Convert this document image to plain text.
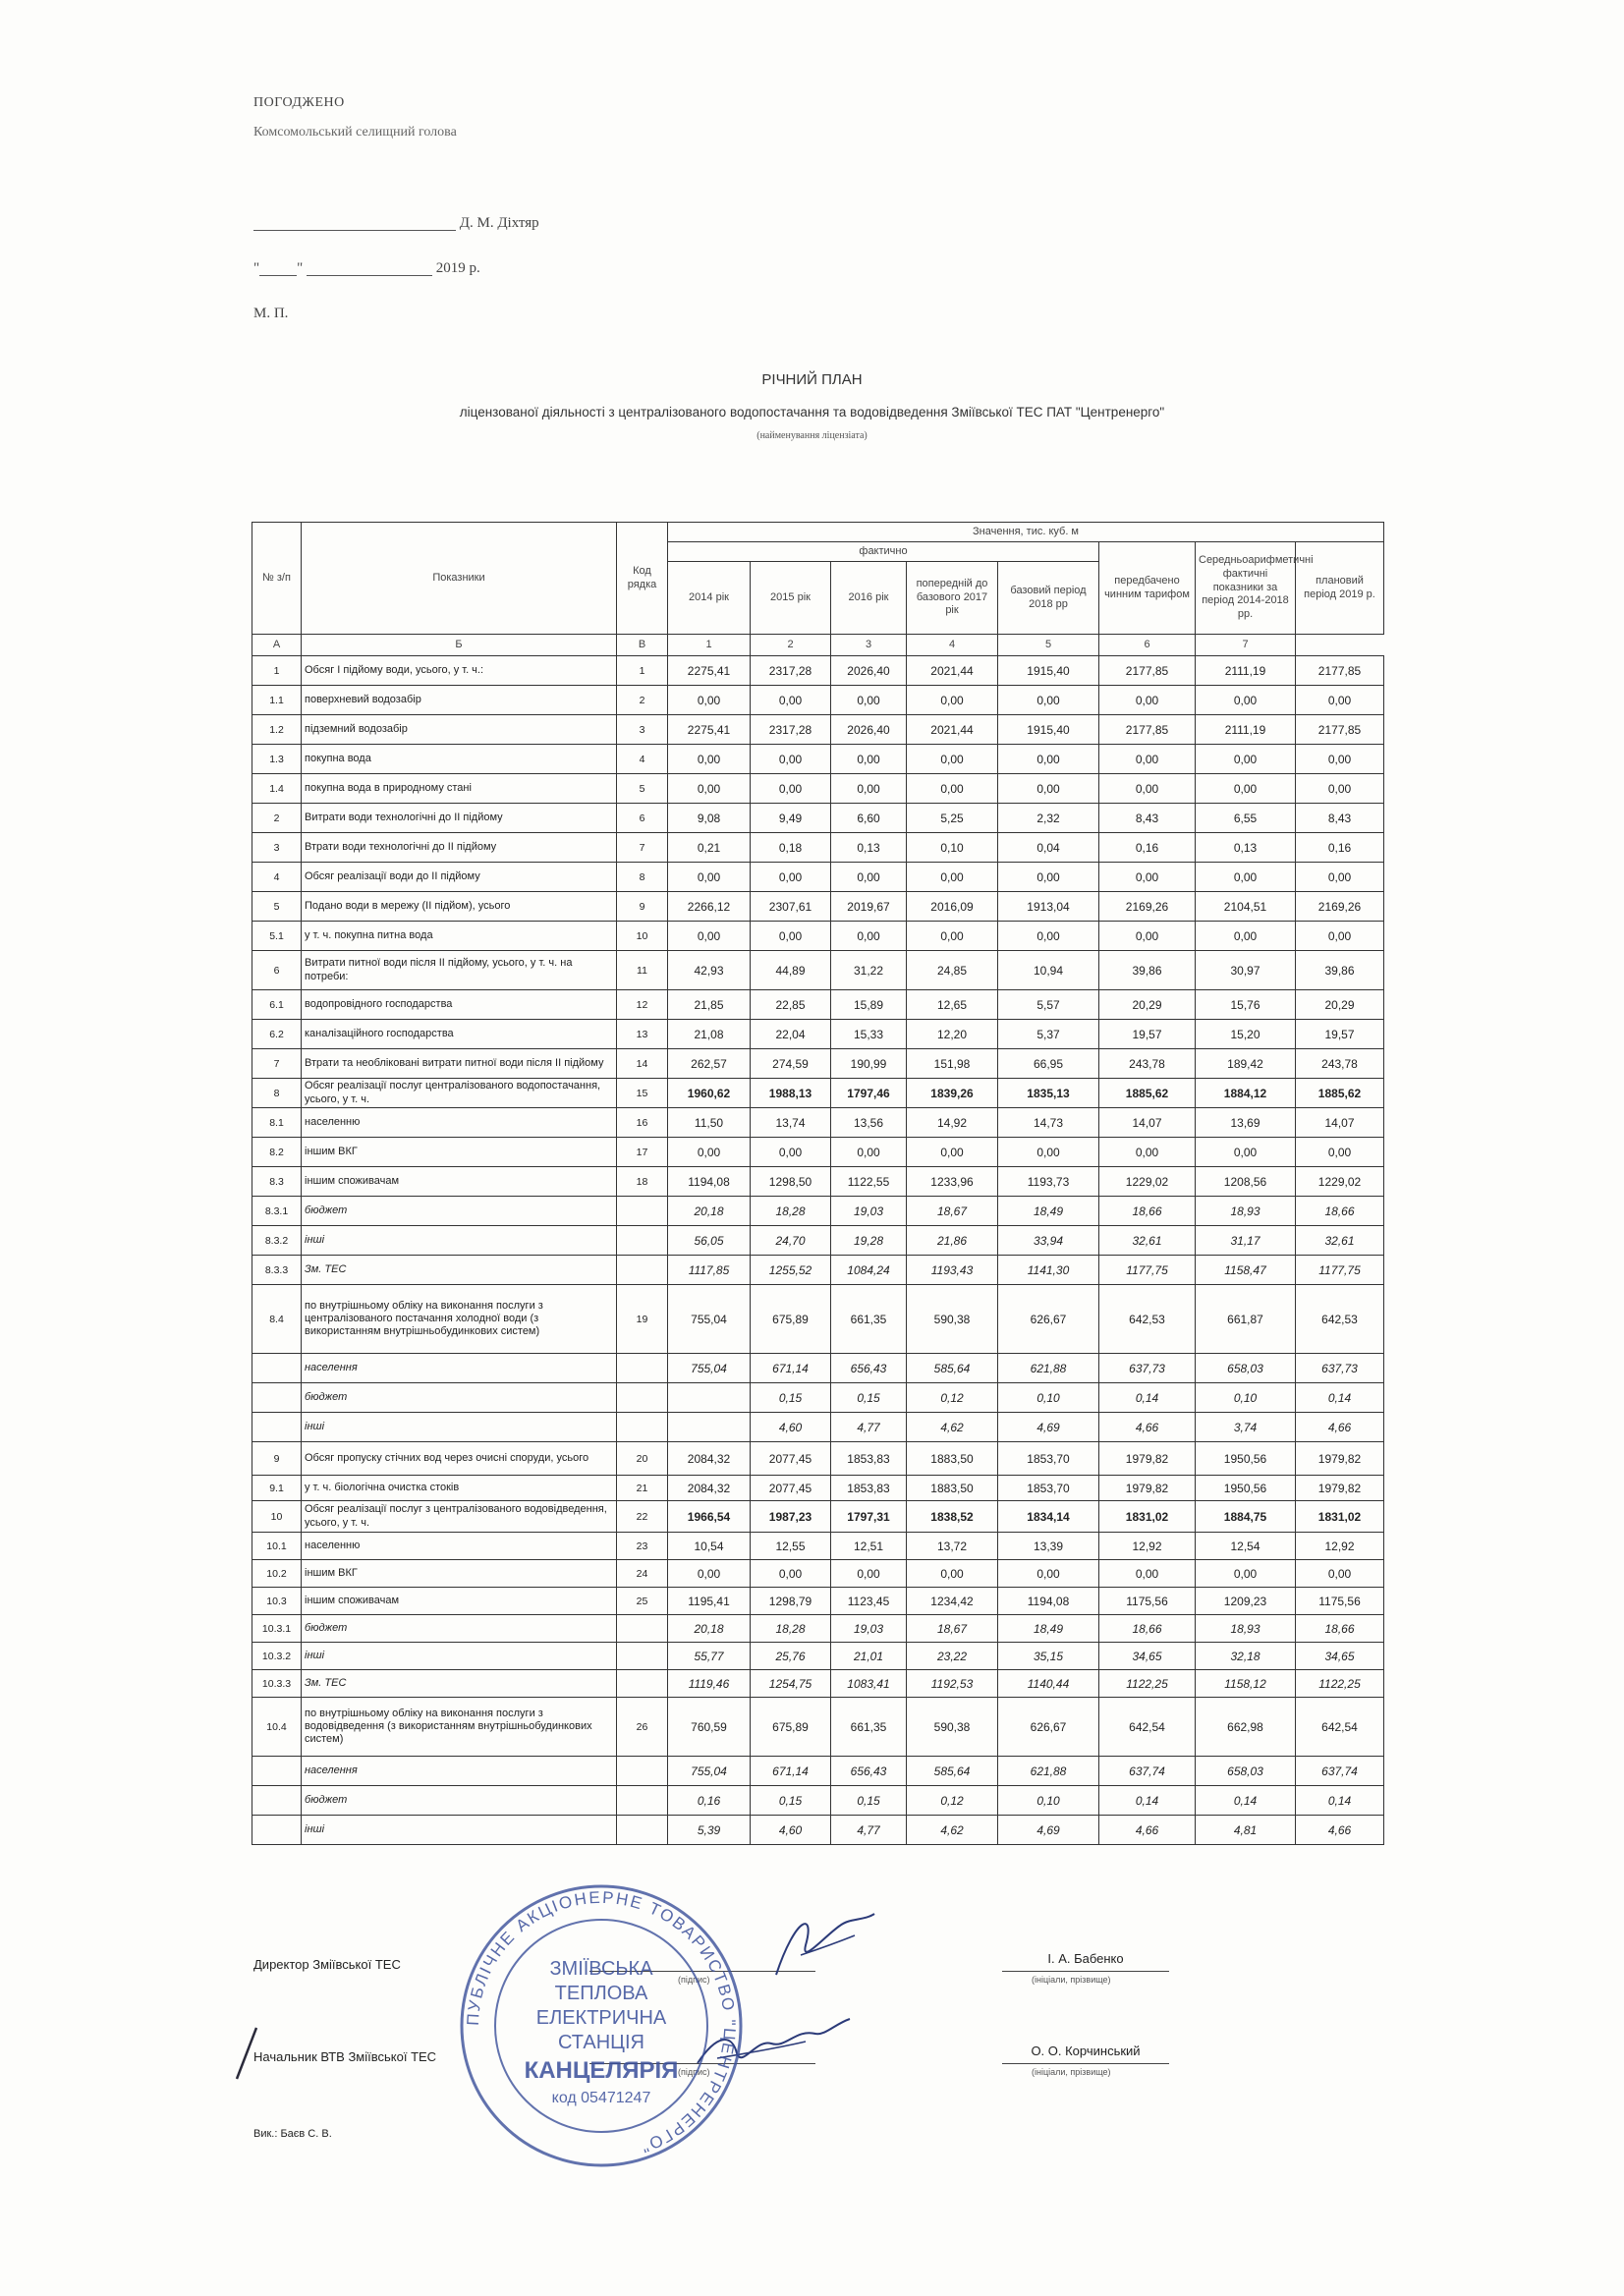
ПОГОДЖЕНО
Комсомольський селищний голова
Д. М. Діхтяр
"	"	2019 р.
М. П.
РІЧНИЙ ПЛАН
ліцензованої діяльності з централізованого водопостачання та водовідведення Зміївської ТЕС ПАТ "Центренерго"
(найменування ліцензіата)
№ з/п	Показники	Код рядка	Значення, тис. куб. м							
			фактично					передбачено чинним тарифом	Середньоарифметичні фактичні показники за період 2014-2018 рр.	плановий період 2019 р.
			2014 рік	2015 рік	2016 рік	попередній до базового 2017 рік	базовий період 2018 рр			
А	Б	В	1	2	3	4	5	6	7	
1	Обсяг I підйому води, усього, у т. ч.:	1	2275,41	2317,28	2026,40	2021,44	1915,40	2177,85	2111,19	2177,85
1.1	поверхневий водозабір	2	0,00	0,00	0,00	0,00	0,00	0,00	0,00	0,00
1.2	підземний водозабір	3	2275,41	2317,28	2026,40	2021,44	1915,40	2177,85	2111,19	2177,85
1.3	покупна вода	4	0,00	0,00	0,00	0,00	0,00	0,00	0,00	0,00
1.4	покупна вода в природному стані	5	0,00	0,00	0,00	0,00	0,00	0,00	0,00	0,00
2	Витрати води технологічні до II підйому	6	9,08	9,49	6,60	5,25	2,32	8,43	6,55	8,43
3	Втрати води технологічні до II підйому	7	0,21	0,18	0,13	0,10	0,04	0,16	0,13	0,16
4	Обсяг реалізації води до II підйому	8	0,00	0,00	0,00	0,00	0,00	0,00	0,00	0,00
5	Подано води в мережу (II підйом), усього	9	2266,12	2307,61	2019,67	2016,09	1913,04	2169,26	2104,51	2169,26
5.1	у т. ч. покупна питна вода	10	0,00	0,00	0,00	0,00	0,00	0,00	0,00	0,00
6	Витрати питної води після II підйому, усього, у т. ч. на потреби:	11	42,93	44,89	31,22	24,85	10,94	39,86	30,97	39,86
6.1	водопровідного господарства	12	21,85	22,85	15,89	12,65	5,57	20,29	15,76	20,29
6.2	каналізаційного господарства	13	21,08	22,04	15,33	12,20	5,37	19,57	15,20	19,57
7	Втрати та необліковані витрати питної води після II підйому	14	262,57	274,59	190,99	151,98	66,95	243,78	189,42	243,78
8	Обсяг реалізації послуг централізованого водопостачання, усього, у т. ч.	15	1960,62	1988,13	1797,46	1839,26	1835,13	1885,62	1884,12	1885,62
8.1	населенню	16	11,50	13,74	13,56	14,92	14,73	14,07	13,69	14,07
8.2	іншим ВКГ	17	0,00	0,00	0,00	0,00	0,00	0,00	0,00	0,00
8.3	іншим споживачам	18	1194,08	1298,50	1122,55	1233,96	1193,73	1229,02	1208,56	1229,02
8.3.1	бюджет		20,18	18,28	19,03	18,67	18,49	18,66	18,93	18,66
8.3.2	інші		56,05	24,70	19,28	21,86	33,94	32,61	31,17	32,61
8.3.3	Зм. ТЕС		1117,85	1255,52	1084,24	1193,43	1141,30	1177,75	1158,47	1177,75
8.4	по внутрішньому обліку на виконання послуги з централізованого постачання холодної води (з використанням внутрішньобудинкових систем)	19	755,04	675,89	661,35	590,38	626,67	642,53	661,87	642,53
	населення		755,04	671,14	656,43	585,64	621,88	637,73	658,03	637,73
	бюджет			0,15	0,15	0,12	0,10	0,14	0,10	0,14
	інші			4,60	4,77	4,62	4,69	4,66	3,74	4,66
9	Обсяг пропуску стічних вод через очисні споруди, усього	20	2084,32	2077,45	1853,83	1883,50	1853,70	1979,82	1950,56	1979,82
9.1	у т. ч. біологічна очистка стоків	21	2084,32	2077,45	1853,83	1883,50	1853,70	1979,82	1950,56	1979,82
10	Обсяг реалізації послуг з централізованого водовідведення, усього, у т. ч.	22	1966,54	1987,23	1797,31	1838,52	1834,14	1831,02	1884,75	1831,02
10.1	населенню	23	10,54	12,55	12,51	13,72	13,39	12,92	12,54	12,92
10.2	іншим ВКГ	24	0,00	0,00	0,00	0,00	0,00	0,00	0,00	0,00
10.3	іншим споживачам	25	1195,41	1298,79	1123,45	1234,42	1194,08	1175,56	1209,23	1175,56
10.3.1	бюджет		20,18	18,28	19,03	18,67	18,49	18,66	18,93	18,66
10.3.2	інші		55,77	25,76	21,01	23,22	35,15	34,65	32,18	34,65
10.3.3	Зм. ТЕС		1119,46	1254,75	1083,41	1192,53	1140,44	1122,25	1158,12	1122,25
10.4	по внутрішньому обліку на виконання послуги з водовідведення (з використанням внутрішньобудинкових систем)	26	760,59	675,89	661,35	590,38	626,67	642,54	662,98	642,54
	населення		755,04	671,14	656,43	585,64	621,88	637,74	658,03	637,74
	бюджет		0,16	0,15	0,15	0,12	0,10	0,14	0,14	0,14
	інші		5,39	4,60	4,77	4,62	4,69	4,66	4,81	4,66
Директор Зміївської ТЕС
(підпис)
І. А. Бабенко
(ініціали, прізвище)
Начальник ВТВ Зміївської ТЕС
(підпис)
О. О. Корчинський
(ініціали, прізвище)
Вик.: Баєв С. В.
ПУБЛІЧНЕ АКЦІОНЕРНЕ ТОВАРИСТВО "ЦЕНТРЕНЕРГО"
ЗМІЇВСЬКА
ТЕПЛОВА
ЕЛЕКТРИЧНА
СТАНЦІЯ
КАНЦЕЛЯРІЯ
код 05471247
